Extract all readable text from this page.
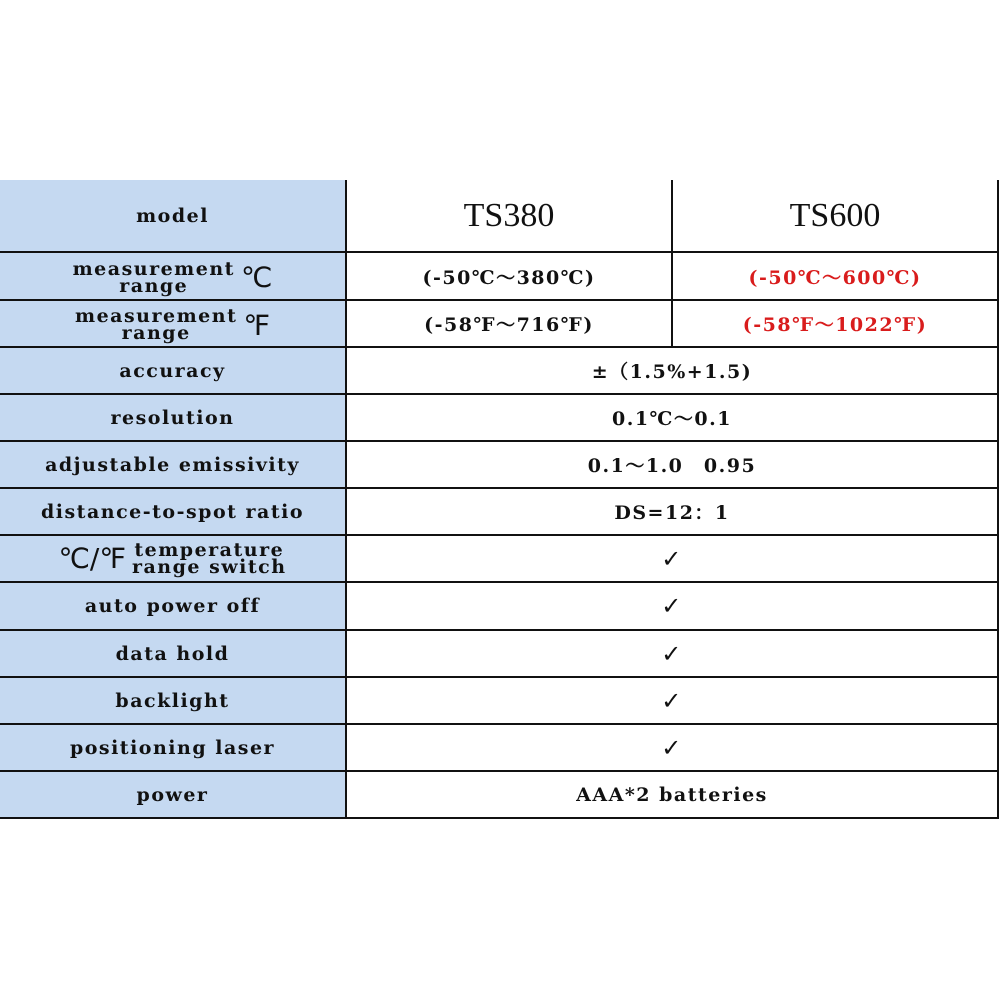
model	TS380	TS600

measurement
range ℃	(-50℃～380℃)	(-50℃～600℃)

measurement
range ℉	(-58℉～716℉)	(-58℉～1022℉)
accuracy	±（1.5%+1.5)	
resolution	0.1℃～0.1	
adjustable emissivity	0.1～1.0　0.95	
distance-to-spot ratio	DS=12：1	

℃/℉ temperature
range switch	✓	
auto power off	✓	
data hold	✓	
backlight	✓	
positioning laser	✓	
power	AAA*2 batteries	
